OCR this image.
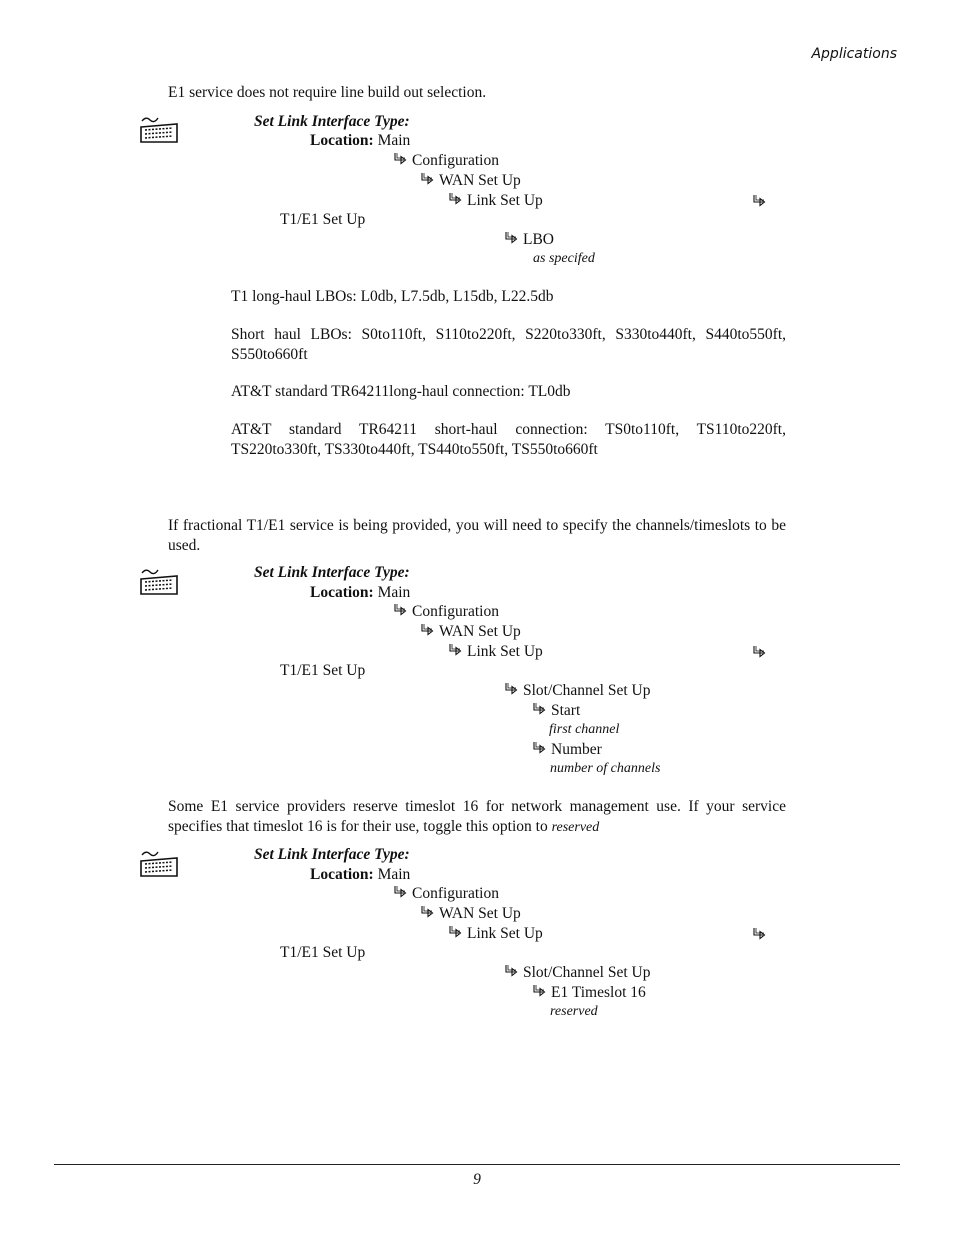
Applications
E1 service does not require line build out selection.
Set Link Interface Type:
Location: Main
Configuration
WAN Set Up
Link Set Up
T1/E1 Set Up
LBO
as specifed
T1 long-haul LBOs: L0db, L7.5db, L15db, L22.5db
Short haul LBOs: S0to110ft, S110to220ft, S220to330ft, S330to440ft, S440to550ft, S550to660ft
AT&T standard TR64211long-haul connection: TL0db
AT&T standard TR64211 short-haul connection: TS0to110ft, TS110to220ft, TS220to330ft, TS330to440ft, TS440to550ft, TS550to660ft
If fractional T1/E1 service is being provided, you will need to specify the channels/timeslots to be used.
Set Link Interface Type:
Location: Main
Configuration
WAN Set Up
Link Set Up
T1/E1 Set Up
Slot/Channel Set Up
Start
first channel
Number
number of channels
Some E1 service providers reserve timeslot 16 for network management use. If your service specifies that timeslot 16 is for their use, toggle this option to reserved
Set Link Interface Type:
Location: Main
Configuration
WAN Set Up
Link Set Up
T1/E1 Set Up
Slot/Channel Set Up
E1 Timeslot 16
reserved
9
